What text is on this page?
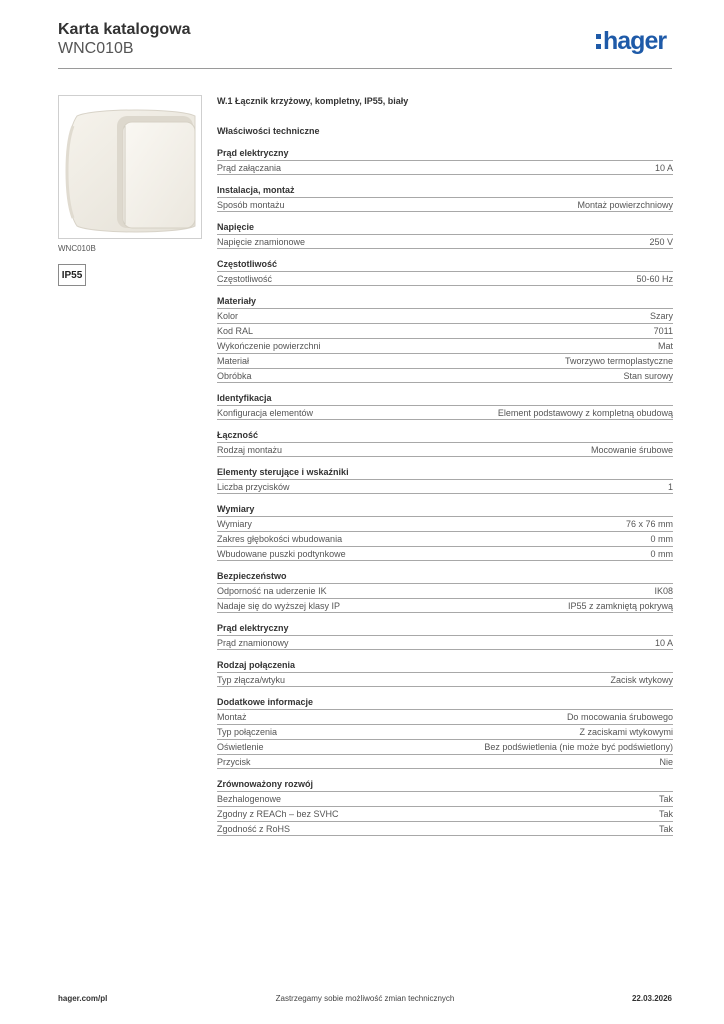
Karta katalogowa
WNC010B	hager
WNC010B
IP55
W.1 Łącznik krzyżowy, kompletny, IP55, biały
Właściwości techniczne
Prąd elektryczny
Prąd załączania	10 A
Instalacja, montaż
Sposób montażu	Montaż powierzchniowy
Napięcie
Napięcie znamionowe	250 V
Częstotliwość
Częstotliwość	50-60 Hz
Materiały
Kolor	Szary
Kod RAL	7011
Wykończenie powierzchni	Mat
Materiał	Tworzywo termoplastyczne
Obróbka	Stan surowy
Identyfikacja
Konfiguracja elementów	Element podstawowy z kompletną obudową
Łączność
Rodzaj montażu	Mocowanie śrubowe
Elementy sterujące i wskaźniki
Liczba przycisków	1
Wymiary
Wymiary	76 x 76 mm
Zakres głębokości wbudowania	0 mm
Wbudowane puszki podtynkowe	0 mm
Bezpieczeństwo
Odporność na uderzenie IK	IK08
Nadaje się do wyższej klasy IP	IP55 z zamkniętą pokrywą
Prąd elektryczny
Prąd znamionowy	10 A
Rodzaj połączenia
Typ złącza/wtyku	Zacisk wtykowy
Dodatkowe informacje
Montaż	Do mocowania śrubowego
Typ połączenia	Z zaciskami wtykowymi
Oświetlenie	Bez podświetlenia (nie może być podświetlony)
Przycisk	Nie
Zrównoważony rozwój
Bezhalogenowe	Tak
Zgodny z REACh – bez SVHC	Tak
Zgodność z RoHS	Tak
hager.com/pl	Zastrzegamy sobie możliwość zmian technicznych	22.03.2026
